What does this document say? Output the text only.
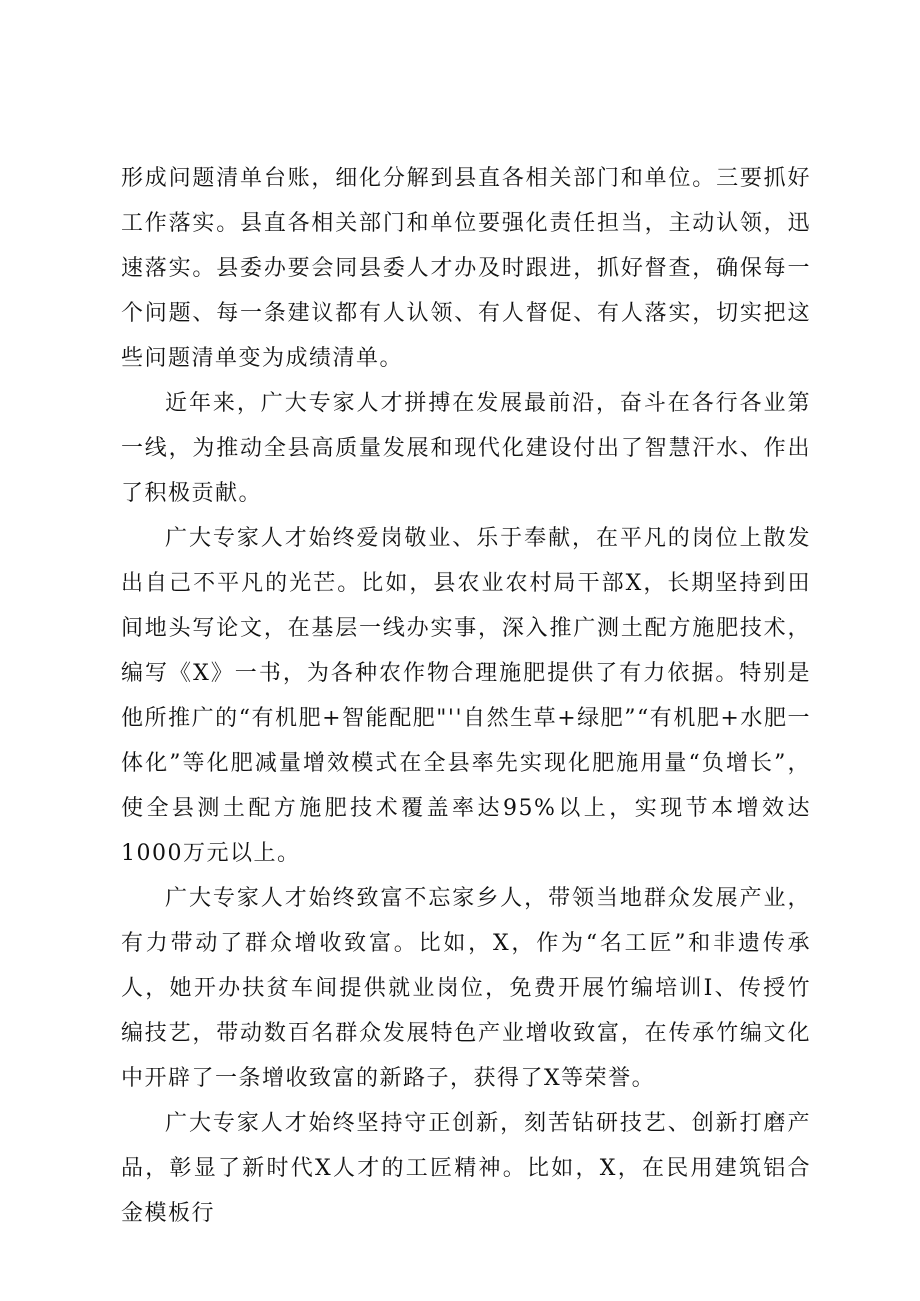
形成问题清单台账，细化分解到县直各相关部门和单位。三要抓好工作落实。县直各相关部门和单位要强化责任担当，主动认领，迅速落实。县委办要会同县委人才办及时跟进，抓好督查，确保每一个问题、每一条建议都有人认领、有人督促、有人落实，切实把这些问题清单变为成绩清单。

近年来，广大专家人才拼搏在发展最前沿，奋斗在各行各业第一线，为推动全县高质量发展和现代化建设付出了智慧汗水、作出了积极贡献。

广大专家人才始终爱岗敬业、乐于奉献，在平凡的岗位上散发出自己不平凡的光芒。比如，县农业农村局干部X，长期坚持到田间地头写论文，在基层一线办实事，深入推广测土配方施肥技术，编写《X》一书，为各种农作物合理施肥提供了有力依据。特别是他所推广的“有机肥+智能配肥"''自然生草+绿肥”“有机肥+水肥一体化”等化肥减量增效模式在全县率先实现化肥施用量“负增长”，使全县测土配方施肥技术覆盖率达95%以上，实现节本增效达1000万元以上。

广大专家人才始终致富不忘家乡人，带领当地群众发展产业，有力带动了群众增收致富。比如，X，作为“名工匠”和非遗传承人，她开办扶贫车间提供就业岗位，免费开展竹编培训I、传授竹编技艺，带动数百名群众发展特色产业增收致富，在传承竹编文化中开辟了一条增收致富的新路子，获得了X等荣誉。

广大专家人才始终坚持守正创新，刻苦钻研技艺、创新打磨产品，彰显了新时代X人才的工匠精神。比如，X，在民用建筑铝合金模板行
